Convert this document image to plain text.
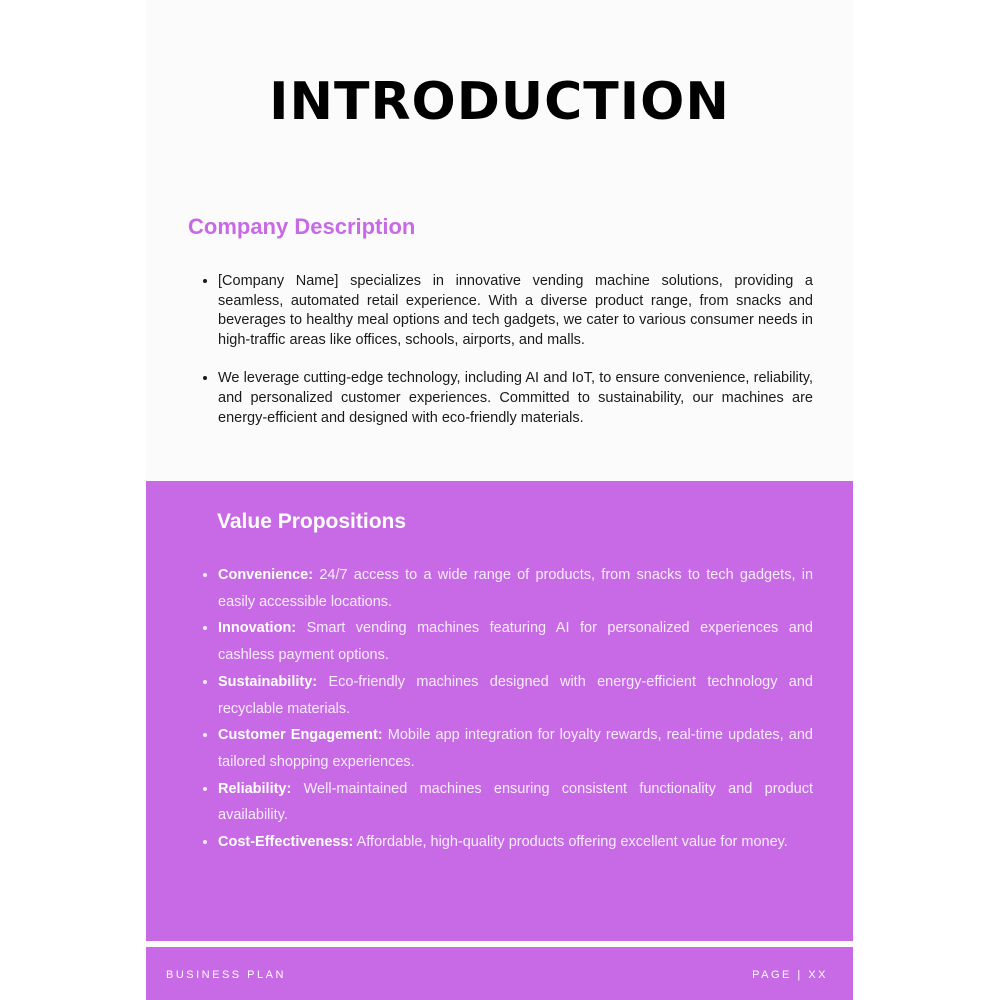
INTRODUCTION
Company Description
• [Company Name] specializes in innovative vending machine solutions, providing a seamless, automated retail experience. With a diverse product range, from snacks and beverages to healthy meal options and tech gadgets, we cater to various consumer needs in high-traffic areas like offices, schools, airports, and malls.
• We leverage cutting-edge technology, including AI and IoT, to ensure convenience, reliability, and personalized customer experiences. Committed to sustainability, our machines are energy-efficient and designed with eco-friendly materials.
Value Propositions
• Convenience: 24/7 access to a wide range of products, from snacks to tech gadgets, in easily accessible locations.
• Innovation: Smart vending machines featuring AI for personalized experiences and cashless payment options.
• Sustainability: Eco-friendly machines designed with energy-efficient technology and recyclable materials.
• Customer Engagement: Mobile app integration for loyalty rewards, real-time updates, and tailored shopping experiences.
• Reliability: Well-maintained machines ensuring consistent functionality and product availability.
• Cost-Effectiveness: Affordable, high-quality products offering excellent value for money.
BUSINESS PLAN	PAGE | XX
